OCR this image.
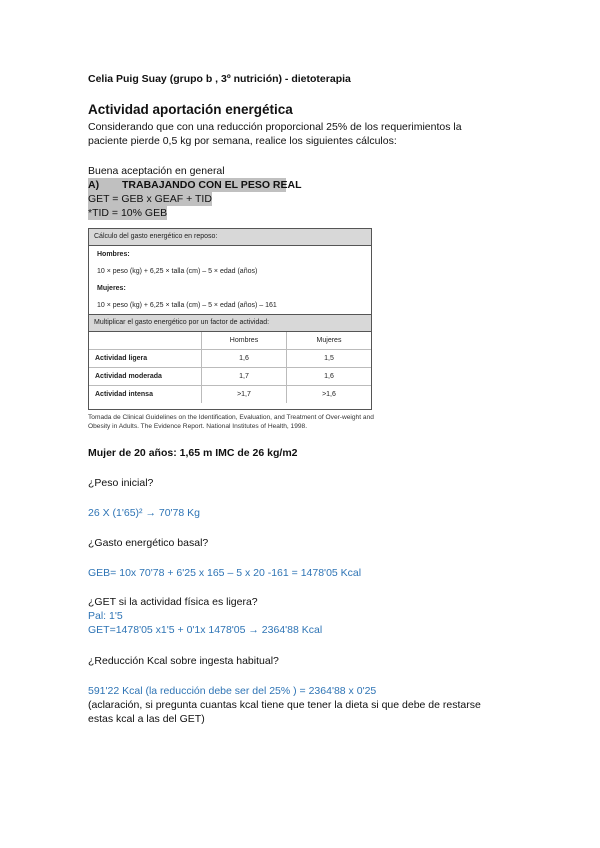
Celia Puig Suay (grupo b , 3º nutrición) - dietoterapia
Actividad aportación energética
Considerando que con una reducción proporcional 25% de los requerimientos la
paciente pierde 0,5 kg por semana, realice los siguientes cálculos:
Buena aceptación en general
A) TRABAJANDO CON EL PESO REAL
GET = GEB x GEAF + TID
*TID = 10% GEB
Cálculo del gasto energético en reposo:
Hombres:
10 × peso (kg) + 6,25 × talla (cm) – 5 × edad (años)
Mujeres:
10 × peso (kg) + 6,25 × talla (cm) – 5 × edad (años) – 161
Multiplicar el gasto energético por un factor de actividad:
	Hombres	Mujeres
Actividad ligera	1,6	1,5
Actividad moderada	1,7	1,6
Actividad intensa	>1,7	>1,6
Tomada de Clinical Guidelines on the Identification, Evaluation, and Treatment of Over-weight and Obesity in Adults. The Evidence Report. National Institutes of Health, 1998.
Mujer de 20 años: 1,65 m IMC de 26 kg/m2
¿Peso inicial?
26 X (1'65)² → 70'78 Kg
¿Gasto energético basal?
GEB= 10x 70'78 + 6'25 x 165 – 5 x 20 -161 = 1478'05 Kcal
¿GET si la actividad física es ligera?
Pal: 1'5
GET=1478'05 x1'5 + 0'1x 1478'05 → 2364'88 Kcal
¿Reducción Kcal sobre ingesta habitual?
591'22 Kcal (la reducción debe ser del 25% ) = 2364'88 x 0'25
(aclaración, si pregunta cuantas kcal tiene que tener la dieta si que debe de restarse
estas kcal a las del GET)
